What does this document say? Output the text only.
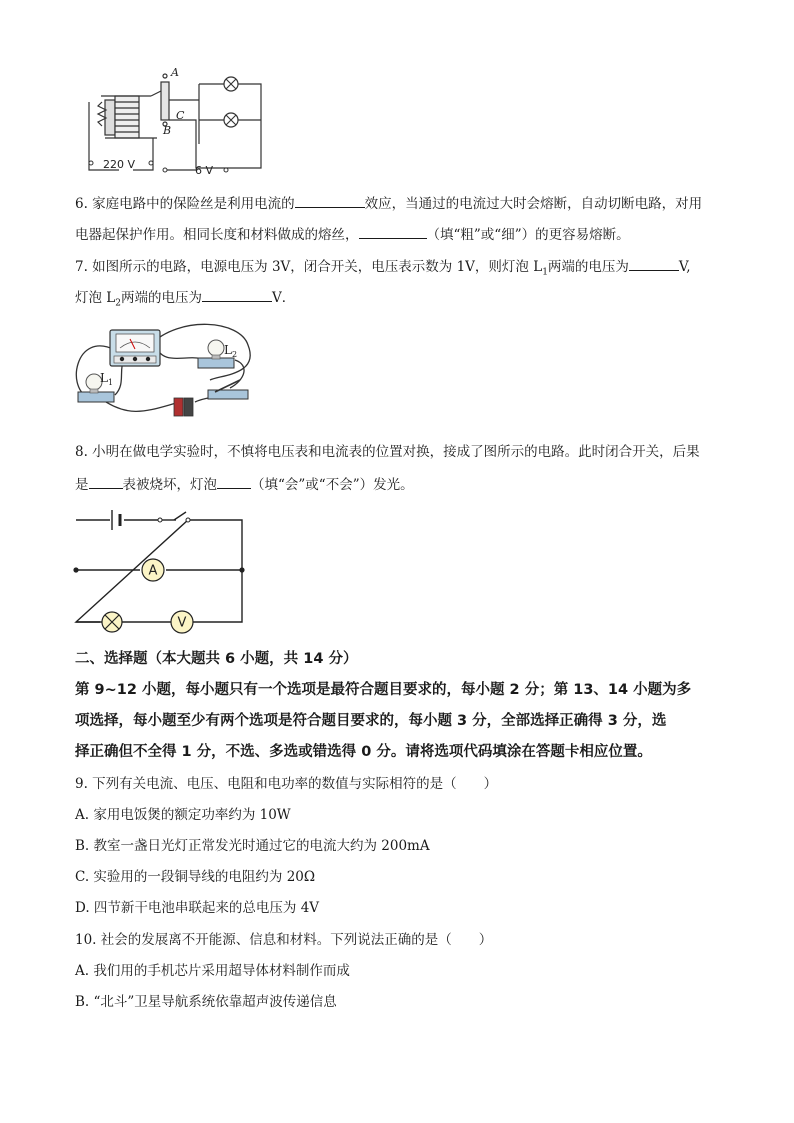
A
C
B
220 V	6 V
6. 家庭电路中的保险丝是利用电流的	效应，当通过的电流过大时会熔断，自动切断电路，对用
电器起保护作用。相同长度和材料做成的熔丝，	（填“粗”或“细”）的更容易熔断。
7. 如图所示的电路，电源电压为 3V，闭合开关，电压表示数为 1V，则灯泡 $L_1$两端的电压为	V,
灯泡 $L_2$两端的电压为	V．
$L_1$
$L_2$
8. 小明在做电学实验时，不慎将电压表和电流表的位置对换，接成了图所示的电路。此时闭合开关，后果
是	表被烧坏，灯泡	（填“会”或“不会”）发光。
A
V
二、选择题（本大题共 6 小题，共 14 分）
第 9~12 小题，每小题只有一个选项是最符合题目要求的，每小题 2 分；第 13、14 小题为多
项选择，每小题至少有两个选项是符合题目要求的，每小题 3 分，全部选择正确得 3 分，选
择正确但不全得 1 分，不选、多选或错选得 0 分。请将选项代码填涂在答题卡相应位置。
9. 下列有关电流、电压、电阻和电功率的数值与实际相符的是（　　）
A. 家用电饭煲的额定功率约为 10W
B. 教室一盏日光灯正常发光时通过它的电流大约为 200mA
C. 实验用的一段铜导线的电阻约为 20Ω
D. 四节新干电池串联起来的总电压为 4V
10. 社会的发展离不开能源、信息和材料。下列说法正确的是（　　）
A. 我们用的手机芯片采用超导体材料制作而成
B. “北斗”卫星导航系统依靠超声波传递信息
